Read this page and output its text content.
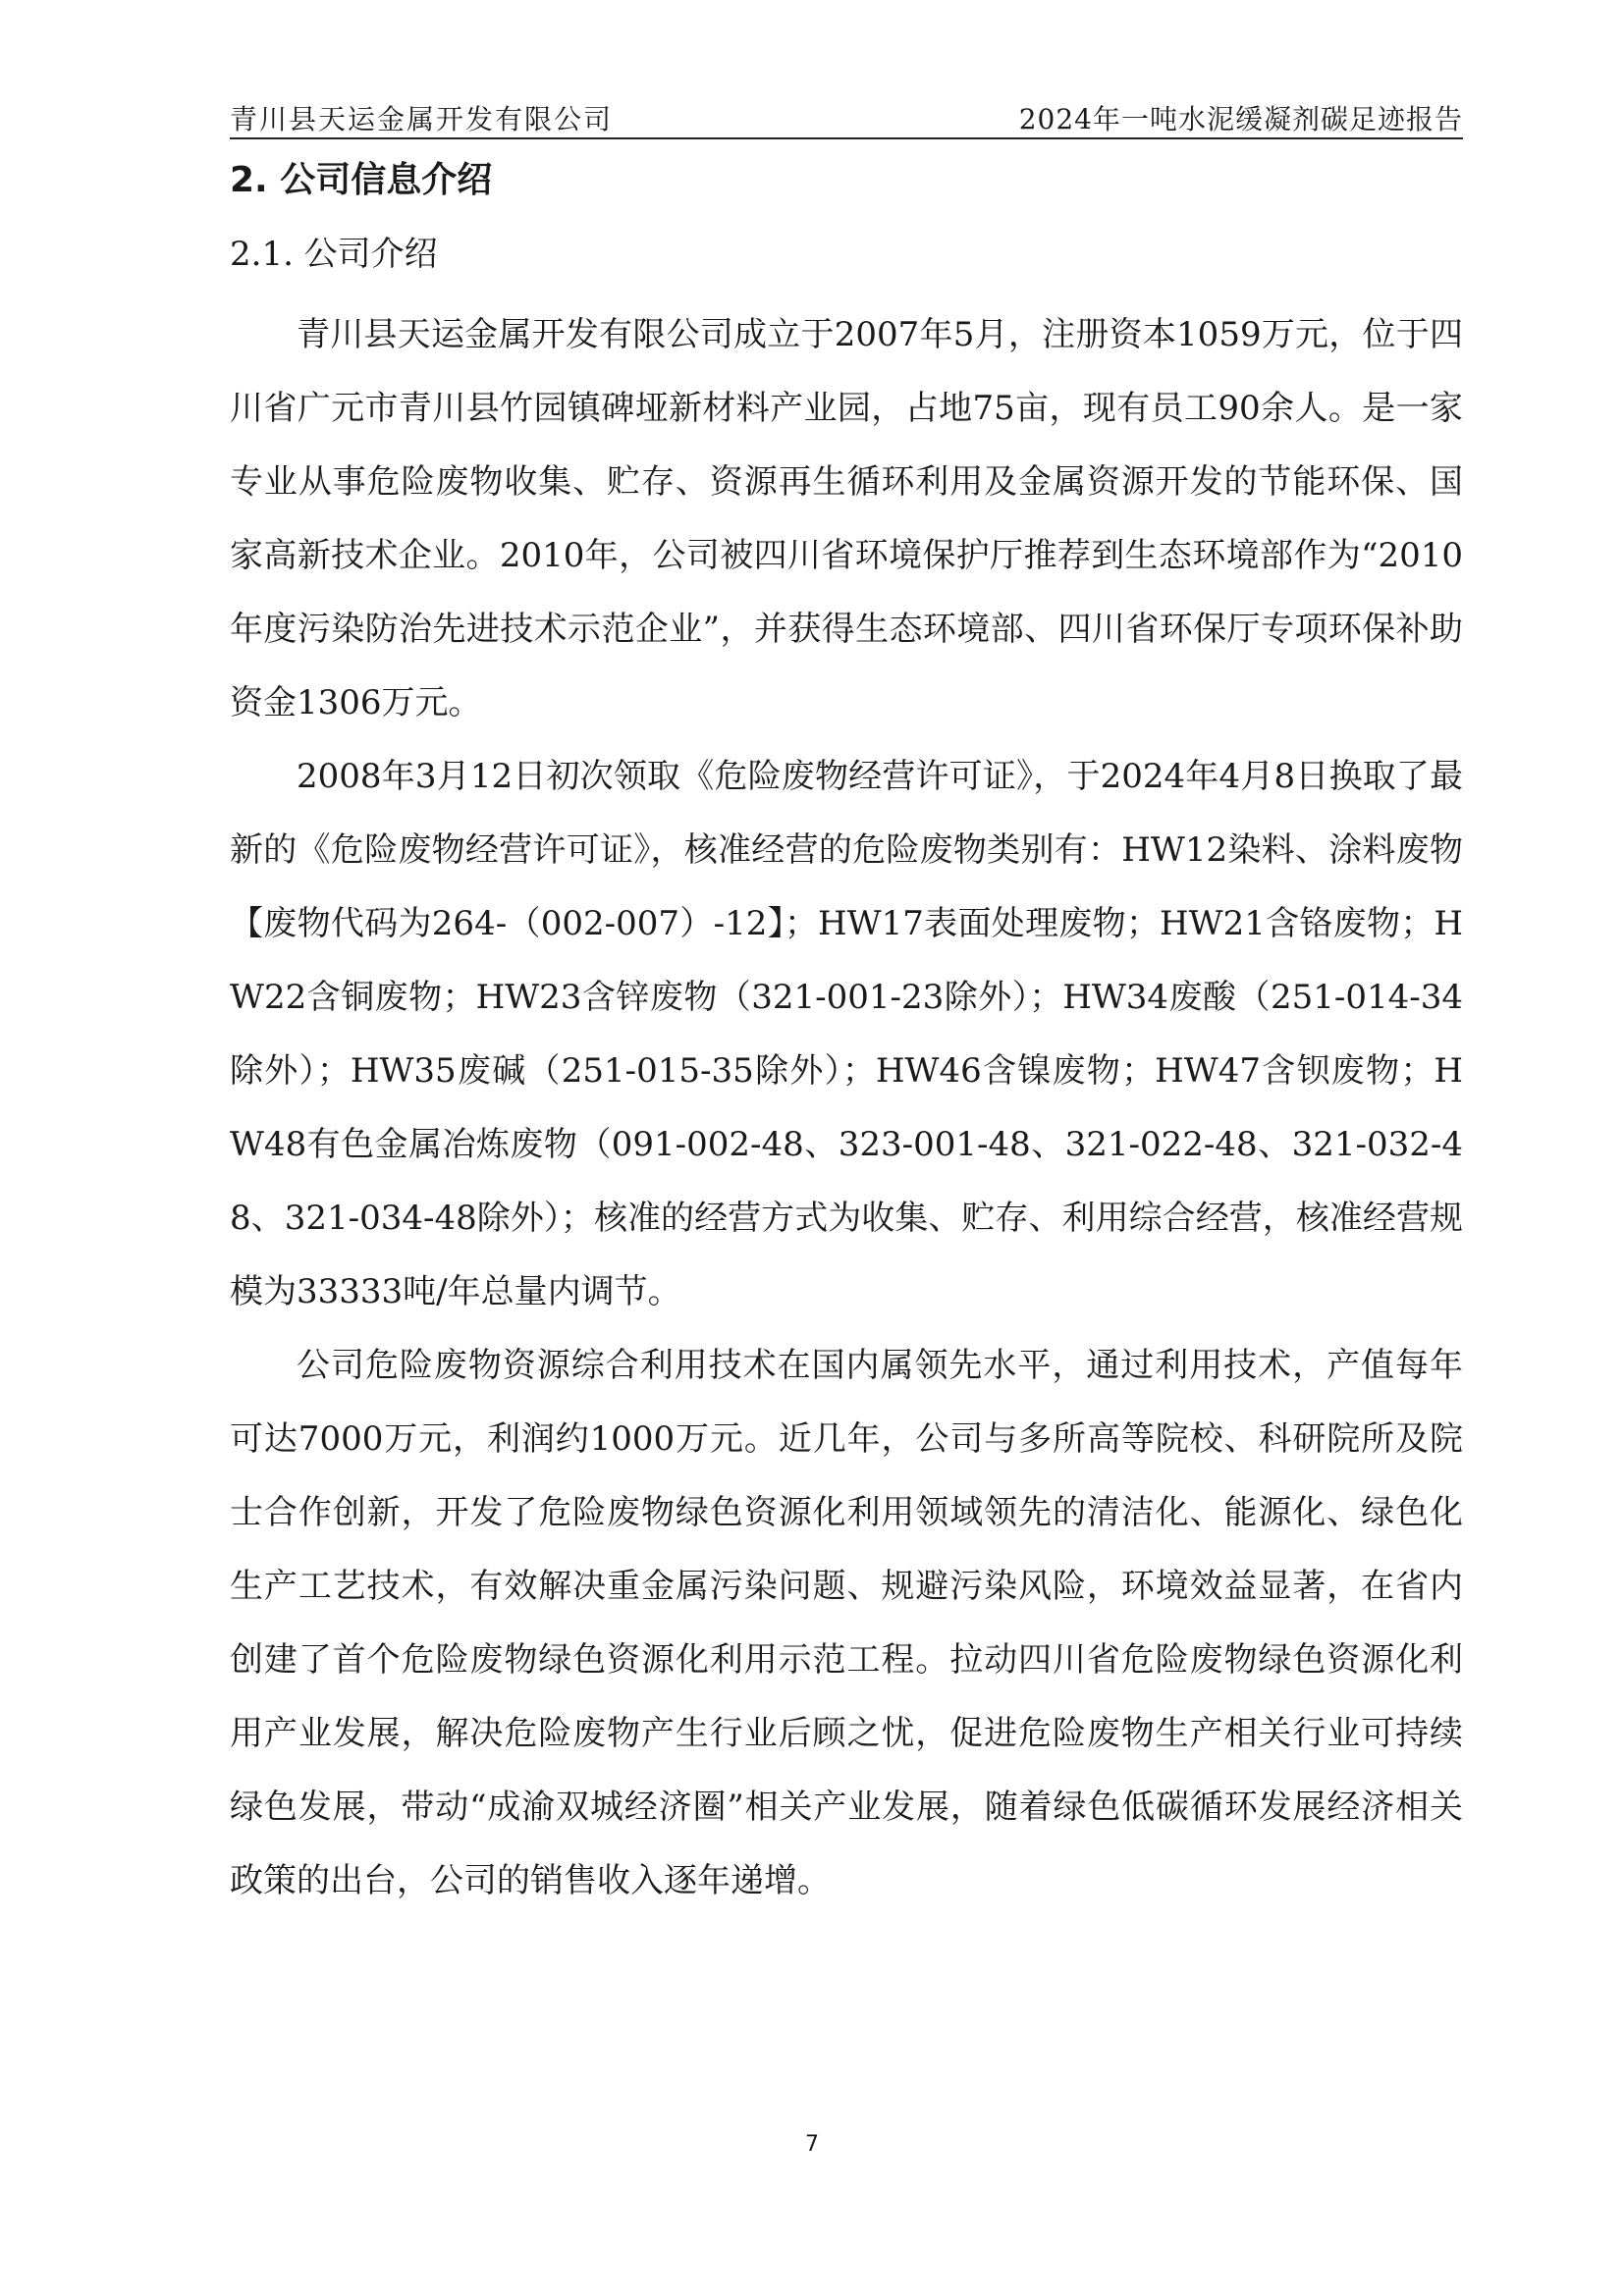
青川县天运金属开发有限公司	2024年一吨水泥缓凝剂碳足迹报告
2. 公司信息介绍
2.1. 公司介绍

青川县天运金属开发有限公司成立于2007年5月，注册资本1059万元，位于四川省广元市青川县竹园镇碑垭新材料产业园，占地75亩，现有员工90余人。是一家专业从事危险废物收集、贮存、资源再生循环利用及金属资源开发的节能环保、国家高新技术企业。2010年，公司被四川省环境保护厅推荐到生态环境部作为“2010年度污染防治先进技术示范企业”，并获得生态环境部、四川省环保厅专项环保补助资金1306万元。

2008年3月12日初次领取《危险废物经营许可证》，于2024年4月8日换取了最新的《危险废物经营许可证》，核准经营的危险废物类别有：HW12染料、涂料废物【废物代码为264-（002-007）-12】；HW17表面处理废物；HW21含铬废物；HW22含铜废物；HW23含锌废物（321-001-23除外）；HW34废酸（251-014-34除外）；HW35废碱（251-015-35除外）；HW46含镍废物；HW47含钡废物；HW48有色金属冶炼废物（091-002-48、323-001-48、321-022-48、321-032-48、321-034-48除外）；核准的经营方式为收集、贮存、利用综合经营，核准经营规模为33333吨/年总量内调节。

公司危险废物资源综合利用技术在国内属领先水平，通过利用技术，产值每年可达7000万元，利润约1000万元。近几年，公司与多所高等院校、科研院所及院士合作创新，开发了危险废物绿色资源化利用领域领先的清洁化、能源化、绿色化生产工艺技术，有效解决重金属污染问题、规避污染风险，环境效益显著，在省内创建了首个危险废物绿色资源化利用示范工程。拉动四川省危险废物绿色资源化利用产业发展，解决危险废物产生行业后顾之忧，促进危险废物生产相关行业可持续绿色发展，带动“成渝双城经济圈”相关产业发展，随着绿色低碳循环发展经济相关政策的出台，公司的销售收入逐年递增。

7
